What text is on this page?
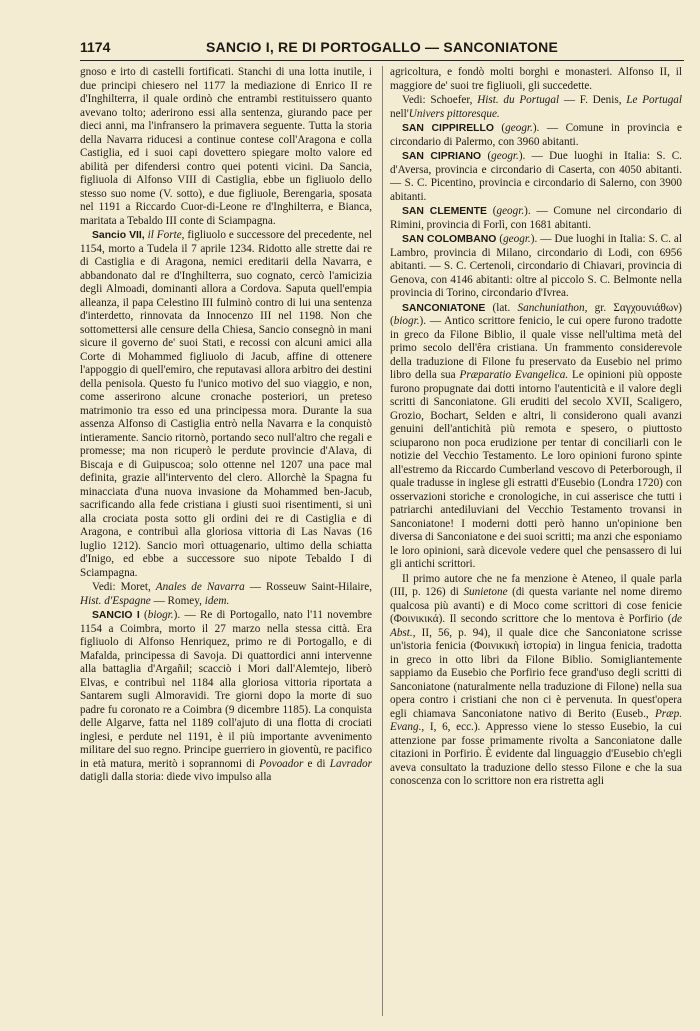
1174	SANCIO I, RE DI PORTOGALLO — SANCONIATONE

gnoso e irto di castelli fortificati. Stanchi di una lotta inutile, i due principi chiesero nel 1177 la mediazione di Enrico II re d'Inghilterra, il quale ordinò che entrambi restituissero quanto avevano tolto; aderirono essi alla sentenza, giurando pace per dieci anni, ma l'infransero la primavera seguente. Tutta la storia della Navarra riducesi a continue contese coll'Aragona e colla Castiglia, ed i suoi capi dovettero spiegare molto valore ed abilità per difendersi contro quei potenti vicini. Da Sancia, figliuola di Alfonso VIII di Castiglia, ebbe un figliuolo dello stesso suo nome (V. sotto), e due figliuole, Berengaria, sposata nel 1191 a Riccardo Cuor-di-Leone re d'Inghilterra, e Bianca, maritata a Tebaldo III conte di Sciampagna.

Sancio VII, il Forte, figliuolo e successore del precedente, nel 1154, morto a Tudela il 7 aprile 1234. Ridotto alle strette dai re di Castiglia e di Aragona, nemici ereditarii della Navarra, e abbandonato dal re d'Inghilterra, suo cognato, cercò l'amicizia degli Almoadi, dominanti allora a Cordova. Saputa quell'empia alleanza, il papa Celestino III fulminò contro di lui una sentenza d'interdetto, rinnovata da Innocenzo III nel 1198. Non che sottomettersi alle censure della Chiesa, Sancio consegnò in mani sicure il governo de' suoi Stati, e recossi con alcuni amici alla Corte di Mohammed figliuolo di Jacub, affine di ottenere l'appoggio di quell'emiro, che reputavasi allora arbitro dei destini della penisola. Questo fu l'unico motivo del suo viaggio, e non, come asserirono alcune cronache posteriori, un preteso matrimonio tra esso ed una principessa mora. Durante la sua assenza Alfonso di Castiglia entrò nella Navarra e la conquistò intieramente. Sancio ritornò, portando seco null'altro che regali e promesse; ma non ricuperò le perdute provincie d'Alava, di Biscaja e di Guipuscoa; solo ottenne nel 1207 una pace mal definita, grazie all'intervento del clero. Allorchè la Spagna fu minacciata d'una nuova invasione da Mohammed ben-Jacub, sacrificando alla fede cristiana i giusti suoi risentimenti, si unì alla crociata posta sotto gli ordini dei re di Castiglia e di Aragona, e contribuì alla gloriosa vittoria di Las Navas (16 luglio 1212). Sancio morì ottuagenario, ultimo della schiatta d'Inigo, ed ebbe a successore suo nipote Tebaldo I di Sciampagna.

Vedi: Moret, Anales de Navarra — Rosseuw Saint-Hilaire, Hist. d'Espagne — Romey, idem.

SANCIO I (biogr.). — Re di Portogallo, nato l'11 novembre 1154 a Coimbra, morto il 27 marzo nella stessa città. Era figliuolo di Alfonso Henriquez, primo re di Portogallo, e di Mafalda, principessa di Savoja. Di quattordici anni intervenne alla battaglia d'Argañil; scacciò i Mori dall'Alemtejo, liberò Elvas, e contribuì nel 1184 alla gloriosa vittoria riportata a Santarem sugli Almoravidi. Tre giorni dopo la morte di suo padre fu coronato re a Coimbra (9 dicembre 1185). La conquista delle Algarve, fatta nel 1189 coll'ajuto di una flotta di crociati inglesi, e perdute nel 1191, è il più importante avvenimento militare del suo regno. Principe guerriero in gioventù, re pacifico in età matura, meritò i soprannomi di Povoador e di Lavrador datigli dalla storia: diede vivo impulso alla

agricoltura, e fondò molti borghi e monasteri. Alfonso II, il maggiore de' suoi tre figliuoli, gli succedette.

Vedi: Schoefer, Hist. du Portugal — F. Denis, Le Portugal nell'Univers pittoresque.

SAN CIPPIRELLO (geogr.). — Comune in provincia e circondario di Palermo, con 3960 abitanti.

SAN CIPRIANO (geogr.). — Due luoghi in Italia: S. C. d'Aversa, provincia e circondario di Caserta, con 4050 abitanti. — S. C. Picentino, provincia e circondario di Salerno, con 3900 abitanti.

SAN CLEMENTE (geogr.). — Comune nel circondario di Rimini, provincia di Forlì, con 1681 abitanti.

SAN COLOMBANO (geogr.). — Due luoghi in Italia: S. C. al Lambro, provincia di Milano, circondario di Lodi, con 6956 abitanti. — S. C. Certenoli, circondario di Chiavari, provincia di Genova, con 4146 abitanti: oltre al piccolo S. C. Belmonte nella provincia di Torino, circondario d'Ivrea.

SANCONIATONE (lat. Sanchuniathon, gr. Σαγχουνιάθων) (biogr.). — Antico scrittore fenicio, le cui opere furono tradotte in greco da Filone Biblio, il quale visse nell'ultima metà del primo secolo dell'êra cristiana. Un frammento considerevole della traduzione di Filone fu preservato da Eusebio nel primo libro della sua Præparatio Evangelica. Le opinioni più opposte furono propugnate dai dotti intorno l'autenticità e il valore degli scritti di Sanconiatone. Gli eruditi del secolo XVII, Scaligero, Grozio, Bochart, Selden e altri, li considerono quali avanzi genuini dell'antichità più remota e spesero, o piuttosto sciuparono non poca erudizione per tentar di conciliarli con le notizie del Vecchio Testamento. Le loro opinioni furono spinte all'estremo da Riccardo Cumberland vescovo di Peterborough, il quale tradusse in inglese gli estratti d'Eusebio (Londra 1720) con osservazioni storiche e cronologiche, in cui asserisce che tutti i patriarchi antediluviani del Vecchio Testamento trovansi in Sanconiatone! I moderni dotti però hanno un'opinione ben diversa di Sanconiatone e dei suoi scritti; ma anzi che esponiamo le loro opinioni, sarà dicevole vedere quel che pensassero di lui gli antichi scrittori.

Il primo autore che ne fa menzione è Ateneo, il quale parla (III, p. 126) di Sunietone (di questa variante nel nome diremo qualcosa più avanti) e di Moco come scrittori di cose fenicie (Φοινικικά). Il secondo scrittore che lo mentova è Porfirio (de Abst., II, 56, p. 94), il quale dice che Sanconiatone scrisse un'istoria fenicia (Φοινικικὴ ἱστορία) in lingua fenicia, tradotta in greco in otto libri da Filone Biblio. Somigliantemente sappiamo da Eusebio che Porfirio fece grand'uso degli scritti di Sanconiatone (naturalmente nella traduzione di Filone) nella sua opera contro i cristiani che non ci è pervenuta. In quest'opera egli chiamava Sanconiatone nativo di Berito (Euseb., Præp. Evang., I, 6, ecc.). Appresso viene lo stesso Eusebio, la cui attenzione par fosse primamente rivolta a Sanconiatone dalle citazioni in Porfirio. È evidente dal linguaggio d'Eusebio ch'egli aveva consultato la traduzione dello stesso Filone e che la sua conoscenza con lo scrittore non era ristretta agli
